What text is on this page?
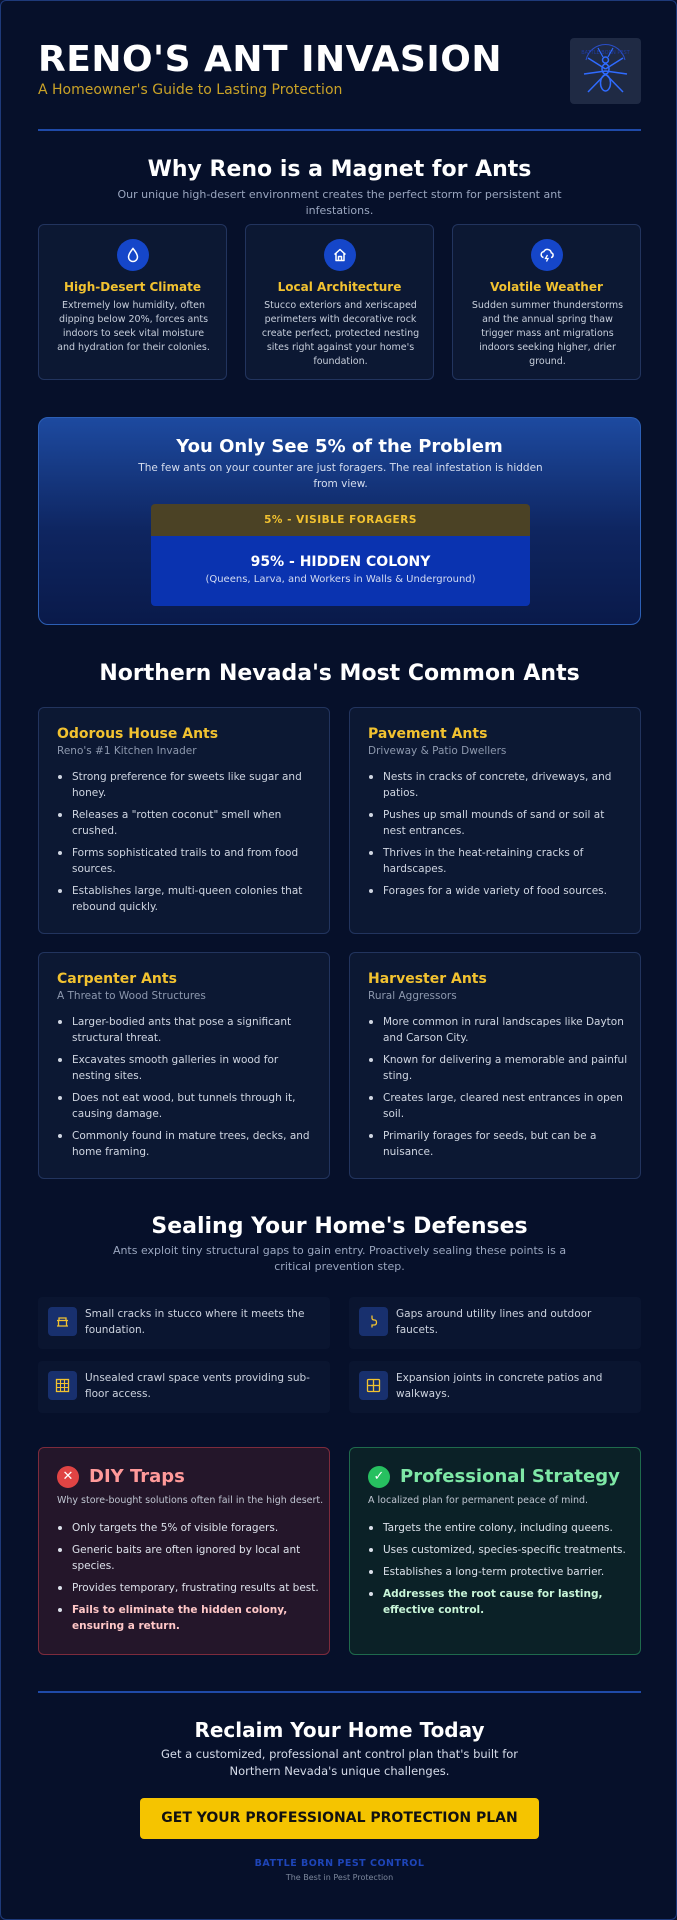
RENO'S ANT INVASION
A Homeowner's Guide to Lasting Protection
BATTLE BORN PEST
Why Reno is a Magnet for Ants
Our unique high-desert environment creates the perfect storm for persistent ant infestations.
High-Desert Climate

Extremely low humidity, often dipping below 20%, forces ants indoors to seek vital moisture and hydration for their colonies.

Local Architecture

Stucco exteriors and xeriscaped perimeters with decorative rock create perfect, protected nesting sites right against your home's foundation.

Volatile Weather

Sudden summer thunderstorms and the annual spring thaw trigger mass ant migrations indoors seeking higher, drier ground.

You Only See 5% of the Problem
The few ants on your counter are just foragers. The real infestation is hidden from view.
5% - VISIBLE FORAGERS
95% - HIDDEN COLONY
(Queens, Larva, and Workers in Walls & Underground)
Northern Nevada's Most Common Ants
Odorous House Ants
Reno's #1 Kitchen Invader
Strong preference for sweets like sugar and honey.
Releases a "rotten coconut" smell when crushed.
Forms sophisticated trails to and from food sources.
Establishes large, multi-queen colonies that rebound quickly.
Pavement Ants
Driveway & Patio Dwellers
Nests in cracks of concrete, driveways, and patios.
Pushes up small mounds of sand or soil at nest entrances.
Thrives in the heat-retaining cracks of hardscapes.
Forages for a wide variety of food sources.
Carpenter Ants
A Threat to Wood Structures
Larger-bodied ants that pose a significant structural threat.
Excavates smooth galleries in wood for nesting sites.
Does not eat wood, but tunnels through it, causing damage.
Commonly found in mature trees, decks, and home framing.
Harvester Ants
Rural Aggressors
More common in rural landscapes like Dayton and Carson City.
Known for delivering a memorable and painful sting.
Creates large, cleared nest entrances in open soil.
Primarily forages for seeds, but can be a nuisance.
Sealing Your Home's Defenses
Ants exploit tiny structural gaps to gain entry. Proactively sealing these points is a critical prevention step.

Small cracks in stucco where it meets the foundation.

Gaps around utility lines and outdoor faucets.

Unsealed crawl space vents providing sub-floor access.

Expansion joints in concrete patios and walkways.

✕ DIY Traps
Why store-bought solutions often fail in the high desert.
Only targets the 5% of visible foragers.
Generic baits are often ignored by local ant species.
Provides temporary, frustrating results at best.
Fails to eliminate the hidden colony, ensuring a return.
✓ Professional Strategy
A localized plan for permanent peace of mind.
Targets the entire colony, including queens.
Uses customized, species-specific treatments.
Establishes a long-term protective barrier.
Addresses the root cause for lasting, effective control.
Reclaim Your Home Today
Get a customized, professional ant control plan that's built for Northern Nevada's unique challenges.
GET YOUR PROFESSIONAL PROTECTION PLAN
BATTLE BORN PEST CONTROL
The Best in Pest Protection
